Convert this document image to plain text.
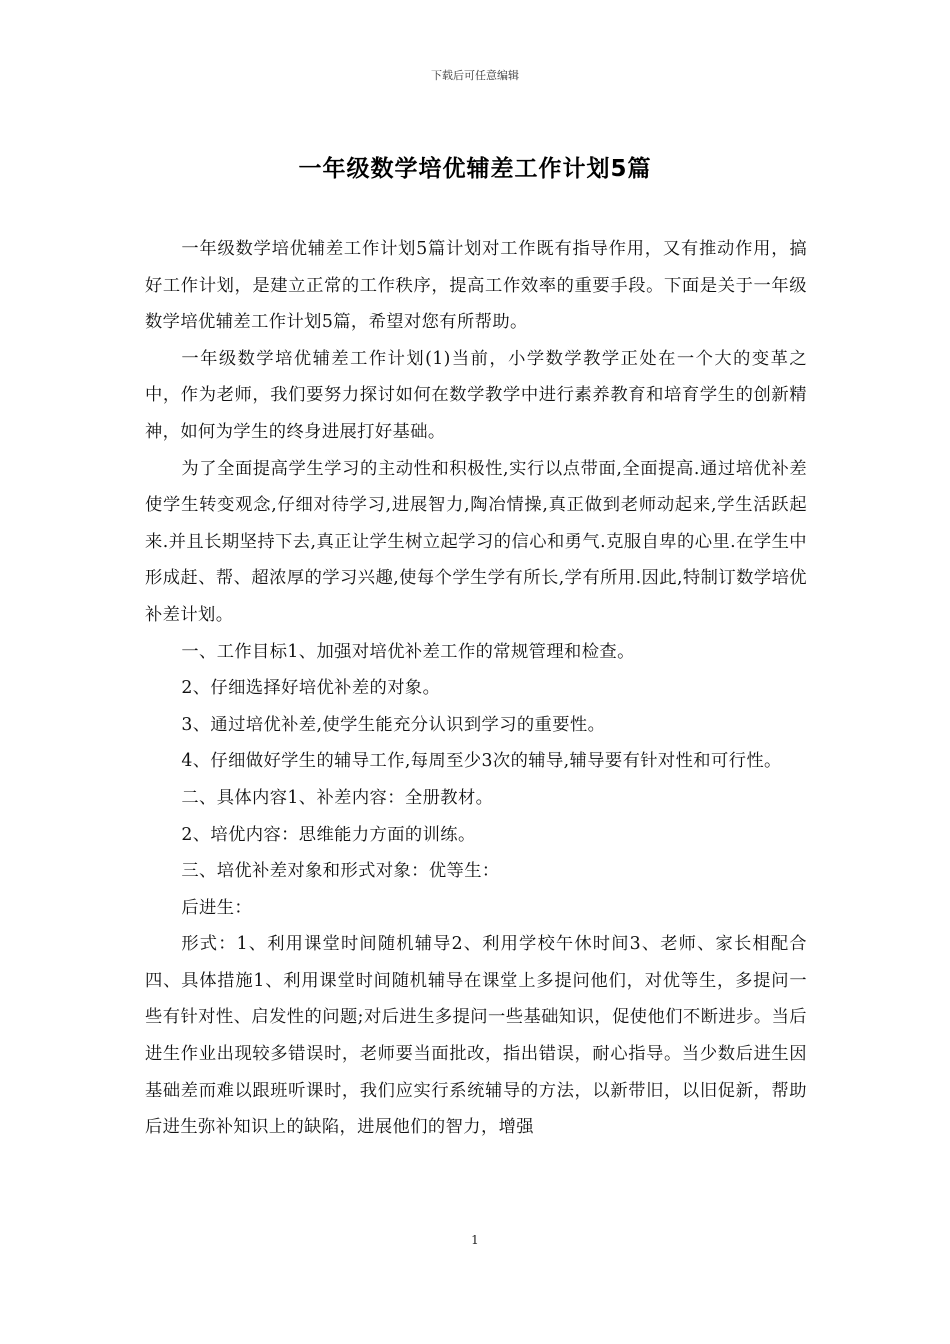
下载后可任意编辑
一年级数学培优辅差工作计划5篇

一年级数学培优辅差工作计划5篇计划对工作既有指导作用，又有推动作用，搞好工作计划，是建立正常的工作秩序，提高工作效率的重要手段。下面是关于一年级数学培优辅差工作计划5篇，希望对您有所帮助。

一年级数学培优辅差工作计划(1)当前，小学数学教学正处在一个大的变革之中，作为老师，我们要努力探讨如何在数学教学中进行素养教育和培育学生的创新精神，如何为学生的终身进展打好基础。

为了全面提高学生学习的主动性和积极性,实行以点带面,全面提高.通过培优补差使学生转变观念,仔细对待学习,进展智力,陶冶情操,真正做到老师动起来,学生活跃起来.并且长期坚持下去,真正让学生树立起学习的信心和勇气.克服自卑的心里.在学生中形成赶、帮、超浓厚的学习兴趣,使每个学生学有所长,学有所用.因此,特制订数学培优补差计划。

一、工作目标1、加强对培优补差工作的常规管理和检查。

2、仔细选择好培优补差的对象。

3、通过培优补差,使学生能充分认识到学习的重要性。

4、仔细做好学生的辅导工作,每周至少3次的辅导,辅导要有针对性和可行性。

二、具体内容1、补差内容：全册教材。

2、培优内容：思维能力方面的训练。

三、培优补差对象和形式对象：优等生：

后进生：

形式：1、利用课堂时间随机辅导2、利用学校午休时间3、老师、家长相配合四、具体措施1、利用课堂时间随机辅导在课堂上多提问他们，对优等生，多提问一些有针对性、启发性的问题;对后进生多提问一些基础知识，促使他们不断进步。当后进生作业出现较多错误时，老师要当面批改，指出错误，耐心指导。当少数后进生因基础差而难以跟班听课时，我们应实行系统辅导的方法，以新带旧，以旧促新，帮助后进生弥补知识上的缺陷，进展他们的智力，增强

1
